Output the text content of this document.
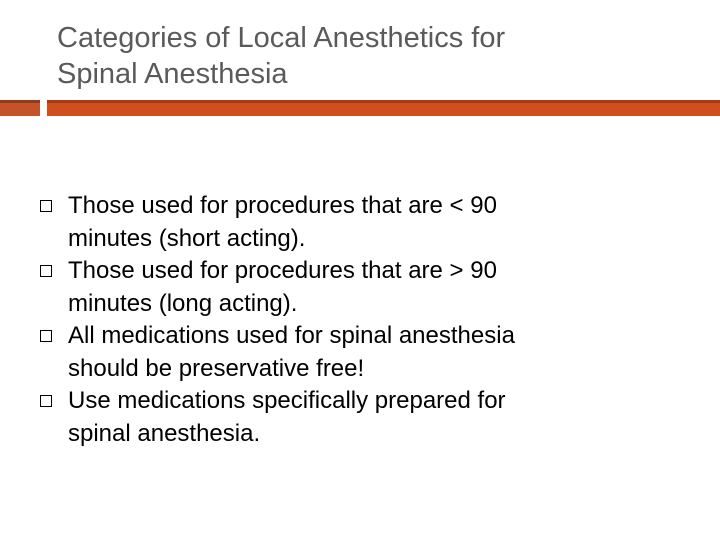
Categories of Local Anesthetics for
Spinal Anesthesia
Those used for procedures that are < 90
minutes (short acting).
Those used for procedures that are > 90
minutes (long acting).
All medications used for spinal anesthesia
should be preservative free!
Use medications specifically prepared for
spinal anesthesia.
